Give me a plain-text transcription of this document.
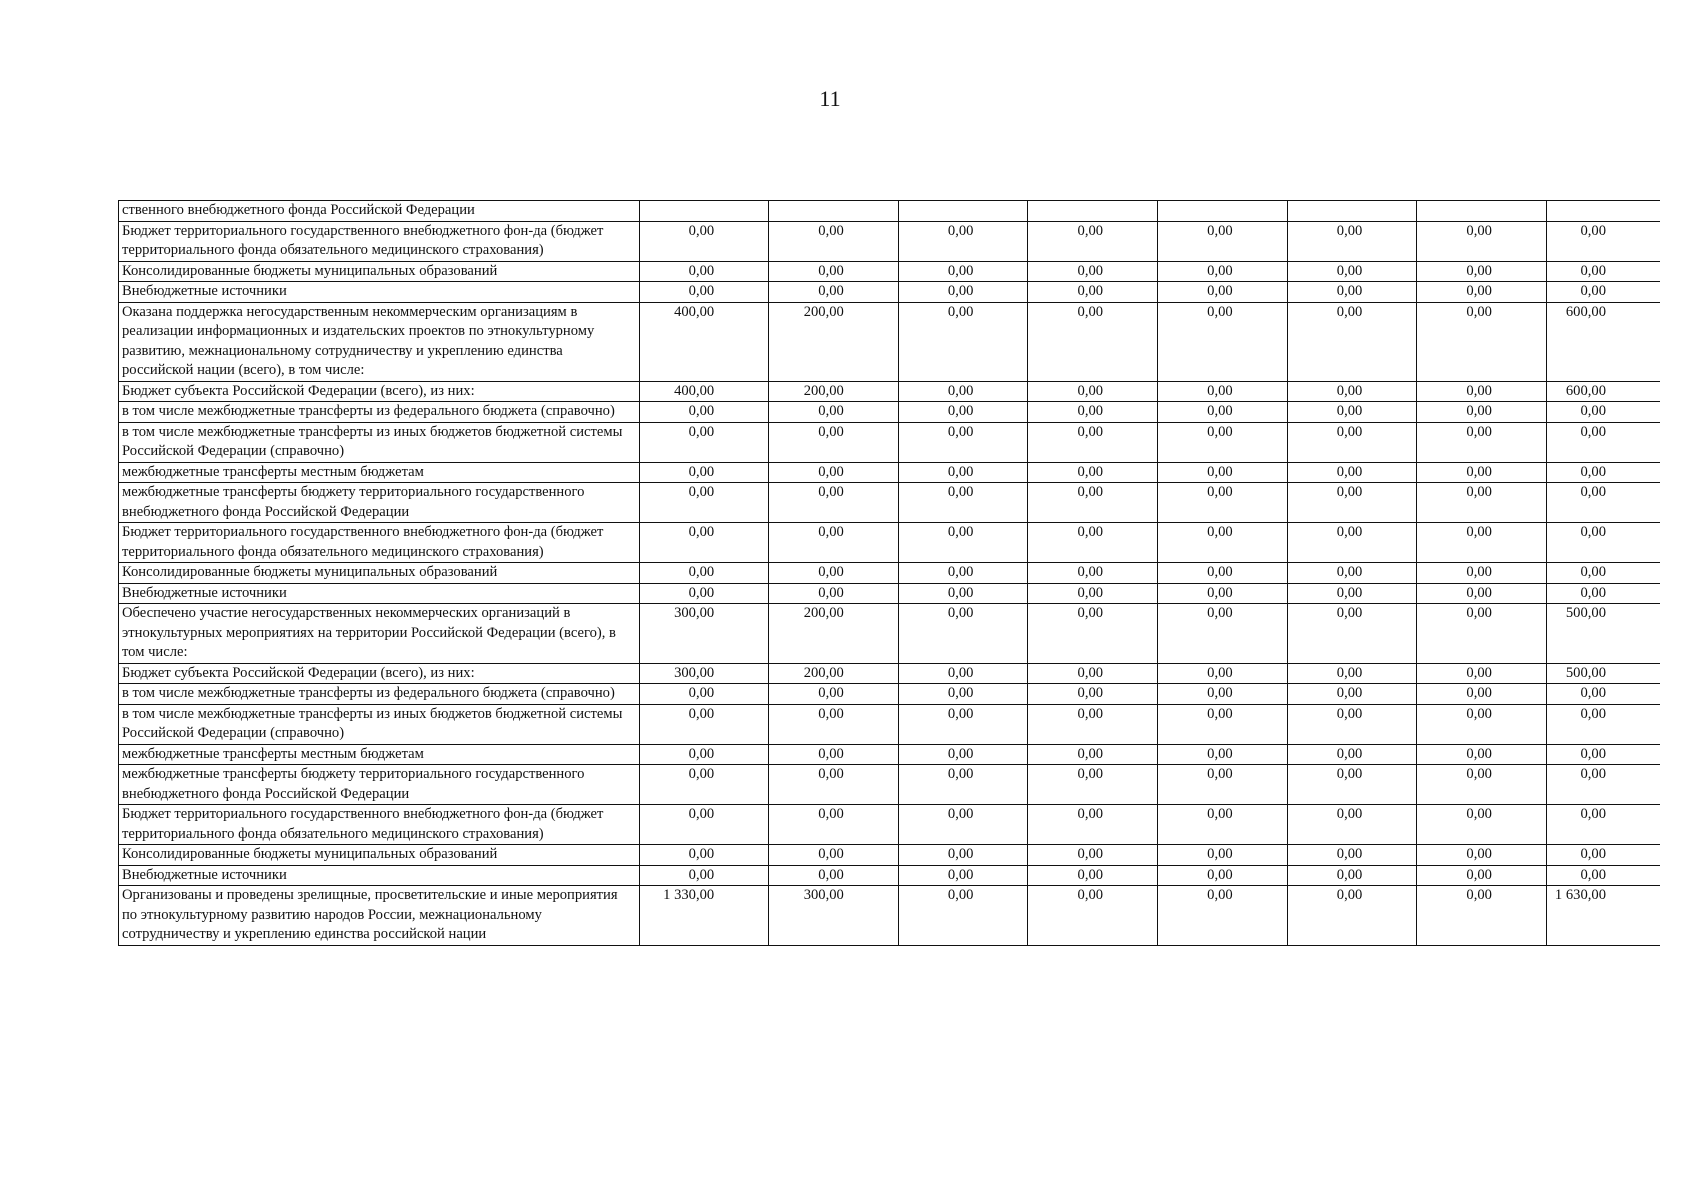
11
ственного внебюджетного фонда Российской Федерации								
Бюджет территориального государственного внебюджетного фон-да (бюджет территориального фонда обязательного медицинского страхования)	0,00	0,00	0,00	0,00	0,00	0,00	0,00	0,00
Консолидированные бюджеты муниципальных образований	0,00	0,00	0,00	0,00	0,00	0,00	0,00	0,00
Внебюджетные источники	0,00	0,00	0,00	0,00	0,00	0,00	0,00	0,00
Оказана поддержка негосударственным некоммерческим организациям в реализации информационных и издательских проектов по этнокультурному развитию, межнациональному сотрудничеству и укреплению единства российской нации (всего), в том числе:	400,00	200,00	0,00	0,00	0,00	0,00	0,00	600,00
Бюджет субъекта Российской Федерации (всего), из них:	400,00	200,00	0,00	0,00	0,00	0,00	0,00	600,00
в том числе межбюджетные трансферты из федерального бюджета (справочно)	0,00	0,00	0,00	0,00	0,00	0,00	0,00	0,00
в том числе межбюджетные трансферты из иных бюджетов бюджетной системы Российской Федерации (справочно)	0,00	0,00	0,00	0,00	0,00	0,00	0,00	0,00
межбюджетные трансферты местным бюджетам	0,00	0,00	0,00	0,00	0,00	0,00	0,00	0,00
межбюджетные трансферты бюджету территориального государственного внебюджетного фонда Российской Федерации	0,00	0,00	0,00	0,00	0,00	0,00	0,00	0,00
Бюджет территориального государственного внебюджетного фон-да (бюджет территориального фонда обязательного медицинского страхования)	0,00	0,00	0,00	0,00	0,00	0,00	0,00	0,00
Консолидированные бюджеты муниципальных образований	0,00	0,00	0,00	0,00	0,00	0,00	0,00	0,00
Внебюджетные источники	0,00	0,00	0,00	0,00	0,00	0,00	0,00	0,00
Обеспечено участие негосударственных некоммерческих организаций в этнокультурных мероприятиях на территории Российской Федерации (всего), в том числе:	300,00	200,00	0,00	0,00	0,00	0,00	0,00	500,00
Бюджет субъекта Российской Федерации (всего), из них:	300,00	200,00	0,00	0,00	0,00	0,00	0,00	500,00
в том числе межбюджетные трансферты из федерального бюджета (справочно)	0,00	0,00	0,00	0,00	0,00	0,00	0,00	0,00
в том числе межбюджетные трансферты из иных бюджетов бюджетной системы Российской Федерации (справочно)	0,00	0,00	0,00	0,00	0,00	0,00	0,00	0,00
межбюджетные трансферты местным бюджетам	0,00	0,00	0,00	0,00	0,00	0,00	0,00	0,00
межбюджетные трансферты бюджету территориального государственного внебюджетного фонда Российской Федерации	0,00	0,00	0,00	0,00	0,00	0,00	0,00	0,00
Бюджет территориального государственного внебюджетного фон-да (бюджет территориального фонда обязательного медицинского страхования)	0,00	0,00	0,00	0,00	0,00	0,00	0,00	0,00
Консолидированные бюджеты муниципальных образований	0,00	0,00	0,00	0,00	0,00	0,00	0,00	0,00
Внебюджетные источники	0,00	0,00	0,00	0,00	0,00	0,00	0,00	0,00
Организованы и проведены зрелищные, просветительские и иные мероприятия по этнокультурному развитию народов России, межнациональному сотрудничеству и укреплению единства российской нации	1 330,00	300,00	0,00	0,00	0,00	0,00	0,00	1 630,00
